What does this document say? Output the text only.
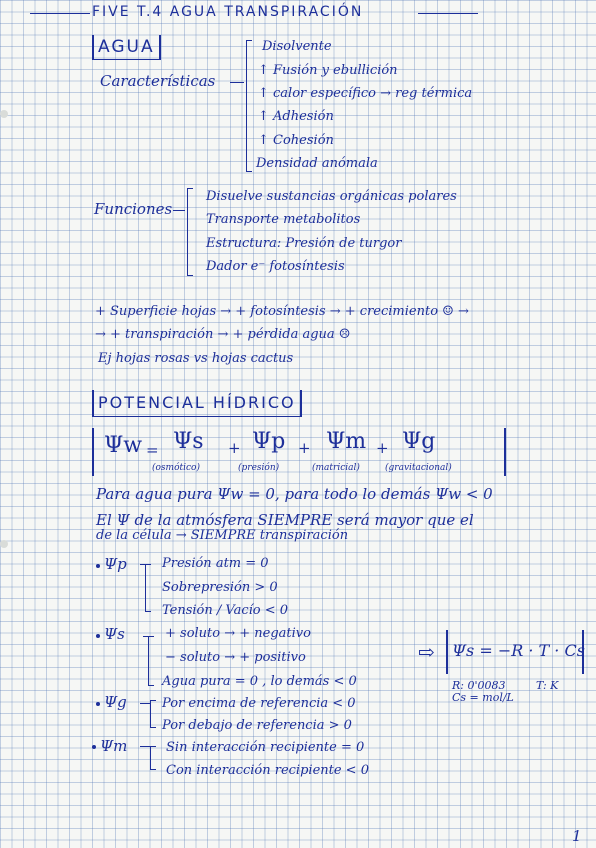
FIVE T.4 AGUA TRANSPIRACIÓN
AGUA
Características
Disolvente
↑ Fusión y ebullición
↑ calor específico → reg térmica
↑ Adhesión
↑ Cohesión
Densidad anómala
Funciones
Disuelve sustancias orgánicas polares
Transporte metabolitos
Estructura: Presión de turgor
Dador e⁻ fotosíntesis
+ Superficie hojas → + fotosíntesis → + crecimiento ☺ →
→ + transpiración → + pérdida agua ☹
Ej hojas rosas vs hojas cactus
POTENCIAL HÍDRICO
Ψw = Ψs
(osmótico)
+ Ψp
(presión)
+ Ψm
(matricial)
+ Ψg
(gravitacional)
Para agua pura Ψw = 0, para todo lo demás Ψw < 0
El Ψ de la atmósfera SIEMPRE será mayor que el
de la célula → SIEMPRE transpiración
Ψp	Presión atm = 0
Sobrepresión > 0
Tensión / Vacío < 0
Ψs	+ soluto → + negativo
− soluto → + positivo
Agua pura = 0 , lo demás < 0
⇨ Ψs = −R · T · Cs
R: 0'0083	T: K
Cs = mol/L
Ψg	Por encima de referencia < 0
Por debajo de referencia > 0
Ψm	Sin interacción recipiente = 0
Con interacción recipiente < 0
1
